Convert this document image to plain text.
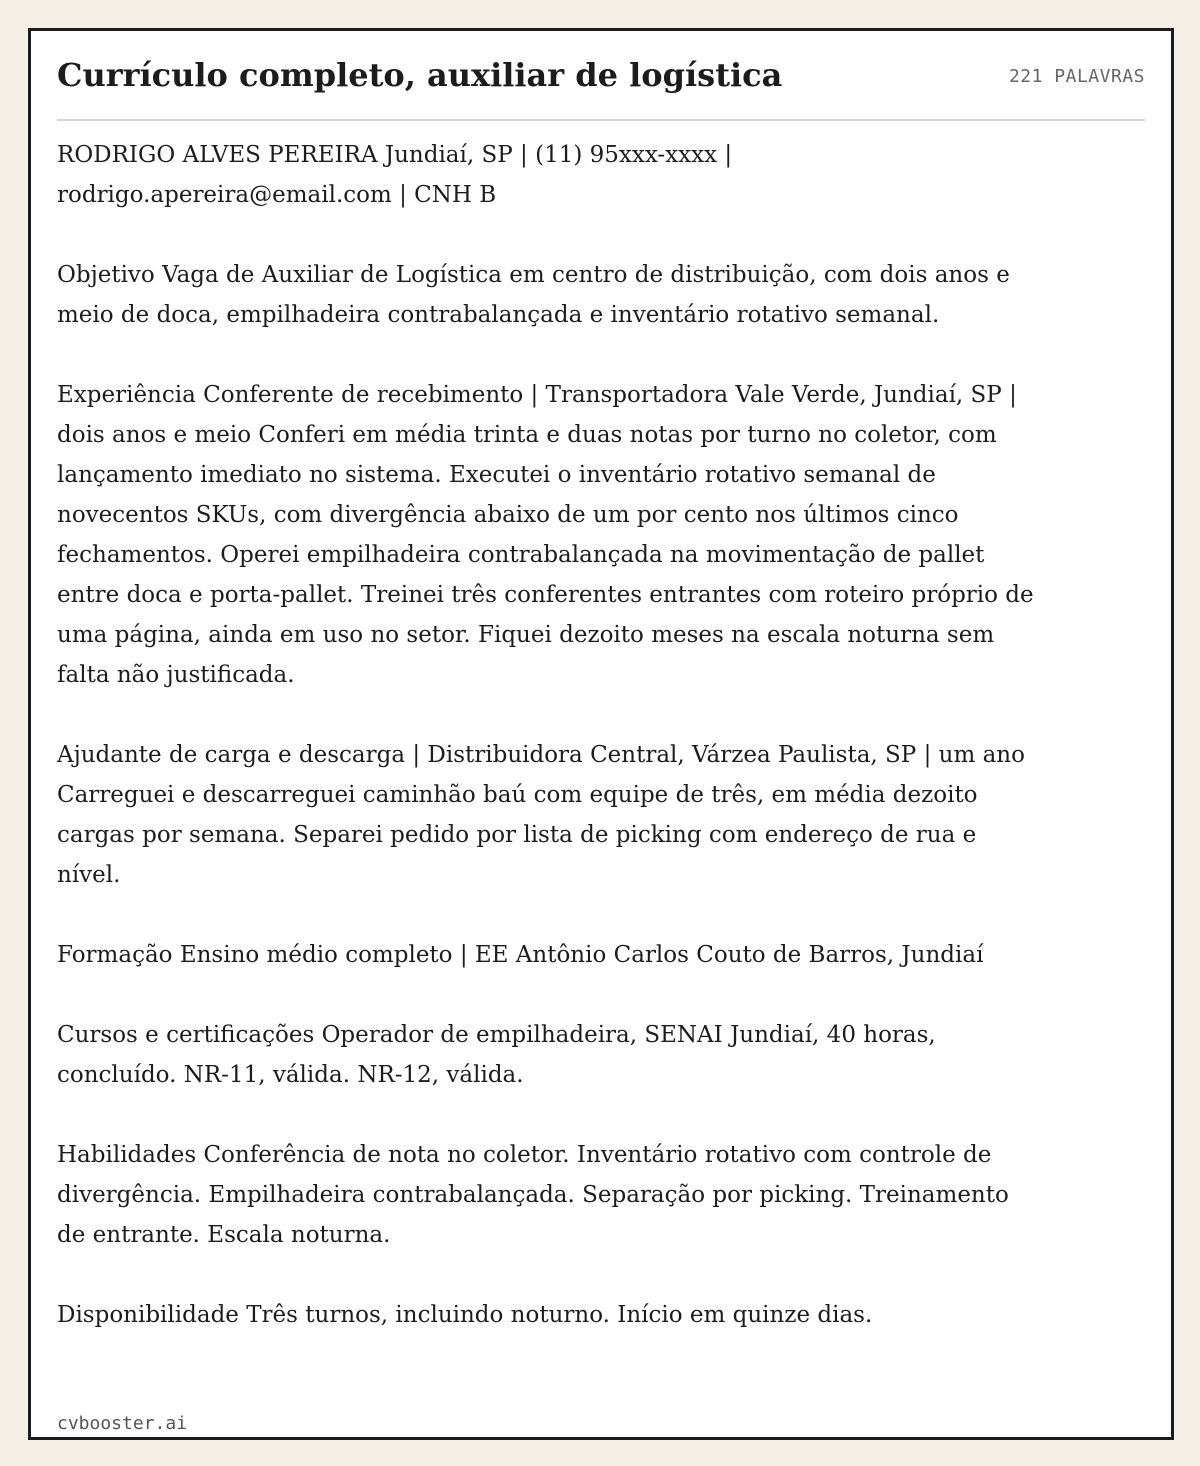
Currículo completo, auxiliar de logística	221 PALAVRAS

RODRIGO ALVES PEREIRA Jundiaí, SP | (11) 95xxx-xxxx | rodrigo.apereira@email.com | CNH B

Objetivo Vaga de Auxiliar de Logística em centro de distribuição, com dois anos e meio de doca, empilhadeira contrabalançada e inventário rotativo semanal.

Experiência Conferente de recebimento | Transportadora Vale Verde, Jundiaí, SP | dois anos e meio Conferi em média trinta e duas notas por turno no coletor, com lançamento imediato no sistema. Executei o inventário rotativo semanal de novecentos SKUs, com divergência abaixo de um por cento nos últimos cinco fechamentos. Operei empilhadeira contrabalançada na movimentação de pallet entre doca e porta-pallet. Treinei três conferentes entrantes com roteiro próprio de uma página, ainda em uso no setor. Fiquei dezoito meses na escala noturna sem falta não justificada.

Ajudante de carga e descarga | Distribuidora Central, Várzea Paulista, SP | um ano Carreguei e descarreguei caminhão baú com equipe de três, em média dezoito cargas por semana. Separei pedido por lista de picking com endereço de rua e nível.

Formação Ensino médio completo | EE Antônio Carlos Couto de Barros, Jundiaí

Cursos e certificações Operador de empilhadeira, SENAI Jundiaí, 40 horas, concluído. NR-11, válida. NR-12, válida.

Habilidades Conferência de nota no coletor. Inventário rotativo com controle de divergência. Empilhadeira contrabalançada. Separação por picking. Treinamento de entrante. Escala noturna.

Disponibilidade Três turnos, incluindo noturno. Início em quinze dias.

cvbooster.ai
